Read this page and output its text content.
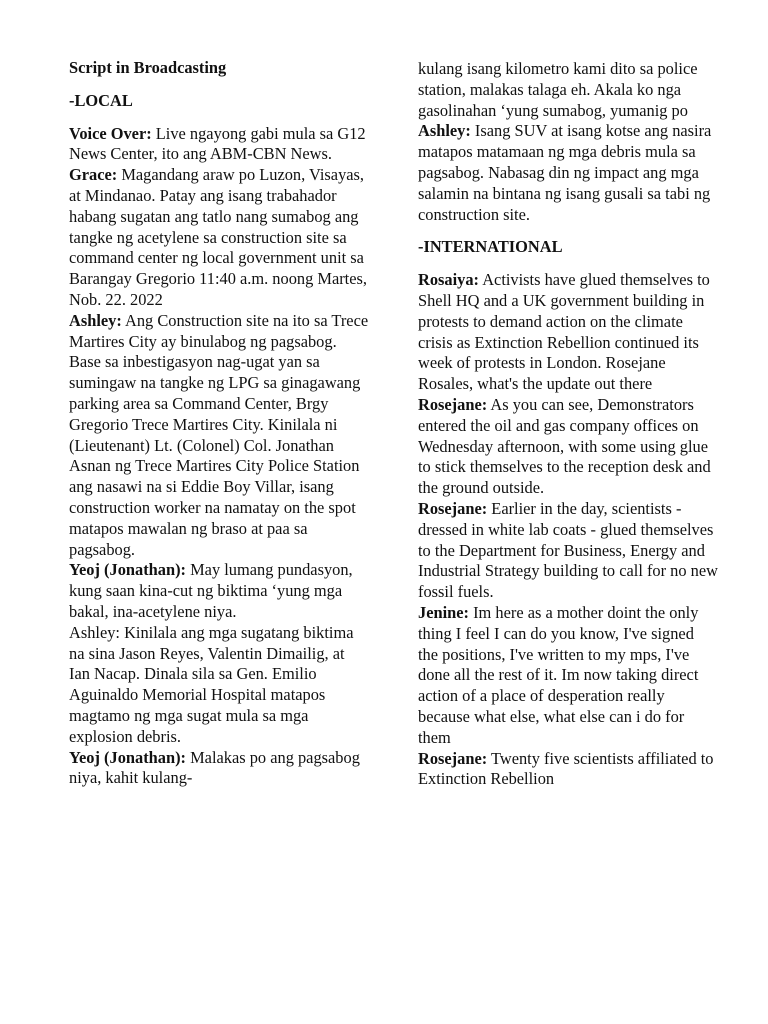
Script in Broadcasting

-LOCAL

Voice Over: Live ngayong gabi mula sa G12 News Center, ito ang ABM-CBN News.

Grace: Magandang araw po Luzon, Visayas, at Mindanao. Patay ang isang trabahador habang sugatan ang tatlo nang sumabog ang tangke ng acetylene sa construction site sa command center ng local government unit sa Barangay Gregorio 11:40 a.m. noong Martes, Nob. 22. 2022

Ashley: Ang Construction site na ito sa Trece Martires City ay binulabog ng pagsabog. Base sa inbestigasyon nag-ugat yan sa sumingaw na tangke ng LPG sa ginagawang parking area sa Command Center, Brgy Gregorio Trece Martires City. Kinilala ni (Lieutenant) Lt. (Colonel) Col. Jonathan Asnan ng Trece Martires City Police Station ang nasawi na si Eddie Boy Villar, isang construction worker na namatay on the spot matapos mawalan ng braso at paa sa pagsabog.

Yeoj (Jonathan): May lumang pundasyon, kung saan kina-cut ng biktima ‘yung mga bakal, ina-acetylene niya.

Ashley: Kinilala ang mga sugatang biktima na sina Jason Reyes, Valentin Dimailig, at Ian Nacap. Dinala sila sa Gen. Emilio Aguinaldo Memorial Hospital matapos magtamo ng mga sugat mula sa mga explosion debris.

Yeoj (Jonathan): Malakas po ang pagsabog niya, kahit kulang-

kulang isang kilometro kami dito sa police station, malakas talaga eh. Akala ko nga gasolinahan ‘yung sumabog, yumanig po

Ashley: Isang SUV at isang kotse ang nasira matapos matamaan ng mga debris mula sa pagsabog. Nabasag din ng impact ang mga salamin na bintana ng isang gusali sa tabi ng construction site.

-INTERNATIONAL

Rosaiya: Activists have glued themselves to Shell HQ and a UK government building in protests to demand action on the climate crisis as Extinction Rebellion continued its week of protests in London. Rosejane Rosales, what's the update out there

Rosejane: As you can see, Demonstrators entered the oil and gas company offices on Wednesday afternoon, with some using glue to stick themselves to the reception desk and the ground outside.

Rosejane: Earlier in the day, scientists - dressed in white lab coats - glued themselves to the Department for Business, Energy and Industrial Strategy building to call for no new fossil fuels.

Jenine: Im here as a mother doint the only thing I feel I can do you know, I've signed the positions, I've written to my mps, I've done all the rest of it. Im now taking direct action of a place of desperation really because what else, what else can i do for them

Rosejane: Twenty five scientists affiliated to Extinction Rebellion
